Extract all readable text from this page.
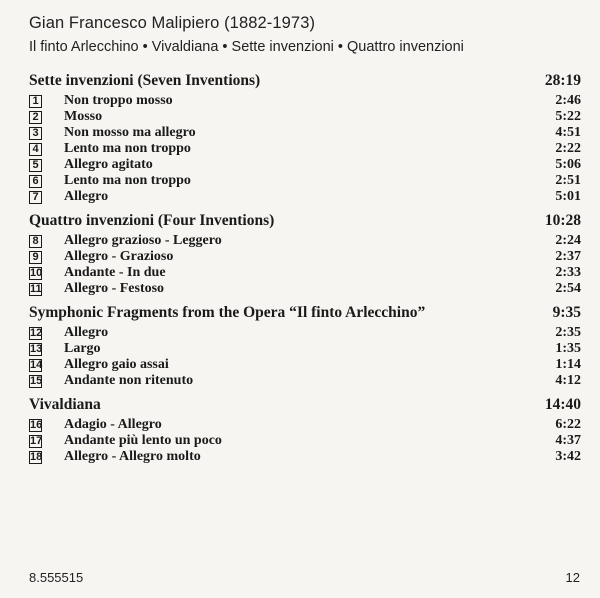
Gian Francesco Malipiero (1882-1973)
Il finto Arlecchino • Vivaldiana • Sette invenzioni • Quattro invenzioni
Sette invenzioni (Seven Inventions)	28:19
1 Non troppo mosso	2:46
2 Mosso	5:22
3 Non mosso ma allegro	4:51
4 Lento ma non troppo	2:22
5 Allegro agitato	5:06
6 Lento ma non troppo	2:51
7 Allegro	5:01
Quattro invenzioni (Four Inventions)	10:28
8 Allegro grazioso - Leggero	2:24
9 Allegro - Grazioso	2:37
10 Andante - In due	2:33
11 Allegro - Festoso	2:54
Symphonic Fragments from the Opera “Il finto Arlecchino”	9:35
12 Allegro	2:35
13 Largo	1:35
14 Allegro gaio assai	1:14
15 Andante non ritenuto	4:12
Vivaldiana	14:40
16 Adagio - Allegro	6:22
17 Andante più lento un poco	4:37
18 Allegro - Allegro molto	3:42
8.555515	12
